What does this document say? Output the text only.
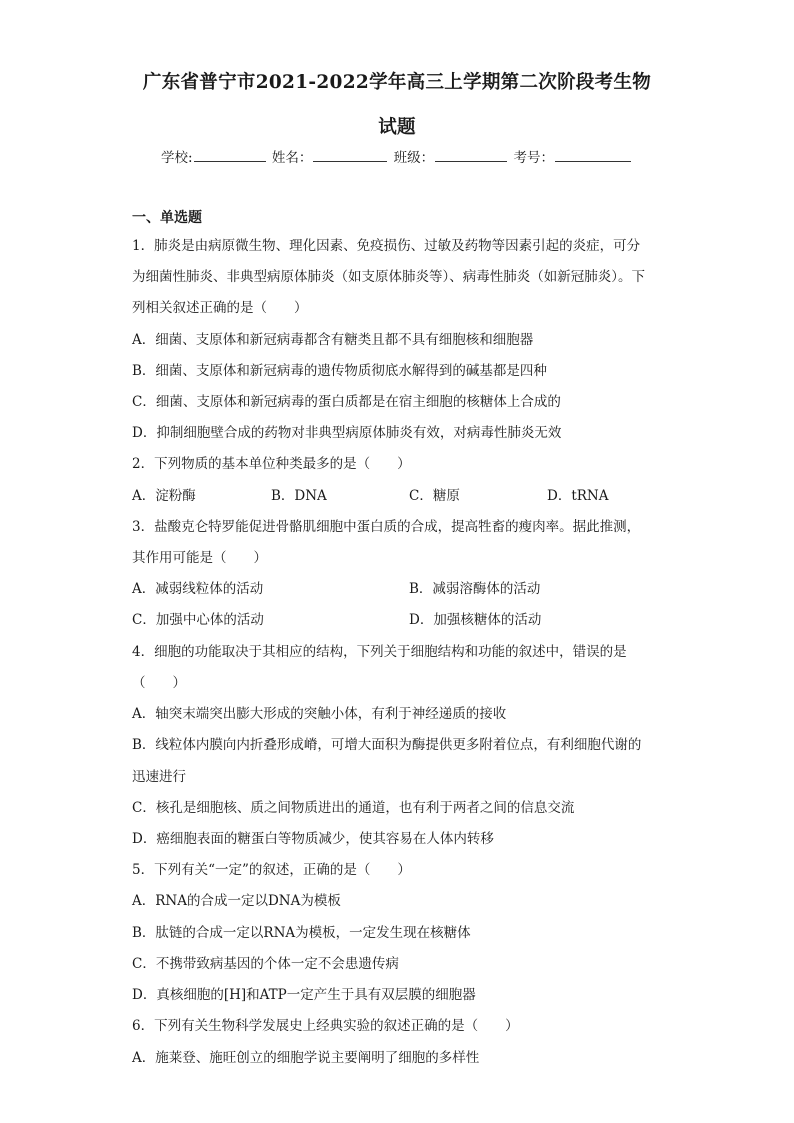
广东省普宁市2021-2022学年高三上学期第二次阶段考生物
试题
学校:	姓名：	班级：	考号：
一、单选题
1．肺炎是由病原微生物、理化因素、免疫损伤、过敏及药物等因素引起的炎症，可分
为细菌性肺炎、非典型病原体肺炎（如支原体肺炎等）、病毒性肺炎（如新冠肺炎）。下
列相关叙述正确的是（　　）
A．细菌、支原体和新冠病毒都含有糖类且都不具有细胞核和细胞器
B．细菌、支原体和新冠病毒的遗传物质彻底水解得到的碱基都是四种
C．细菌、支原体和新冠病毒的蛋白质都是在宿主细胞的核糖体上合成的
D．抑制细胞壁合成的药物对非典型病原体肺炎有效，对病毒性肺炎无效
2．下列物质的基本单位种类最多的是（　　）
A．淀粉酶	B．DNA	C．糖原	D．tRNA
3．盐酸克仑特罗能促进骨骼肌细胞中蛋白质的合成，提高牲畜的瘦肉率。据此推测，
其作用可能是（　　）
A．减弱线粒体的活动	B．减弱溶酶体的活动
C．加强中心体的活动	D．加强核糖体的活动
4．细胞的功能取决于其相应的结构，下列关于细胞结构和功能的叙述中，错误的是
（　　）
A．轴突末端突出膨大形成的突触小体，有利于神经递质的接收
B．线粒体内膜向内折叠形成嵴，可增大面积为酶提供更多附着位点，有利细胞代谢的
迅速进行
C．核孔是细胞核、质之间物质进出的通道，也有利于两者之间的信息交流
D．癌细胞表面的糖蛋白等物质减少，使其容易在人体内转移
5．下列有关“一定”的叙述，正确的是（　　）
A．RNA的合成一定以DNA为模板
B．肽链的合成一定以RNA为模板，一定发生现在核糖体
C．不携带致病基因的个体一定不会患遗传病
D．真核细胞的[H]和ATP一定产生于具有双层膜的细胞器
6．下列有关生物科学发展史上经典实验的叙述正确的是（　　）
A．施莱登、施旺创立的细胞学说主要阐明了细胞的多样性
